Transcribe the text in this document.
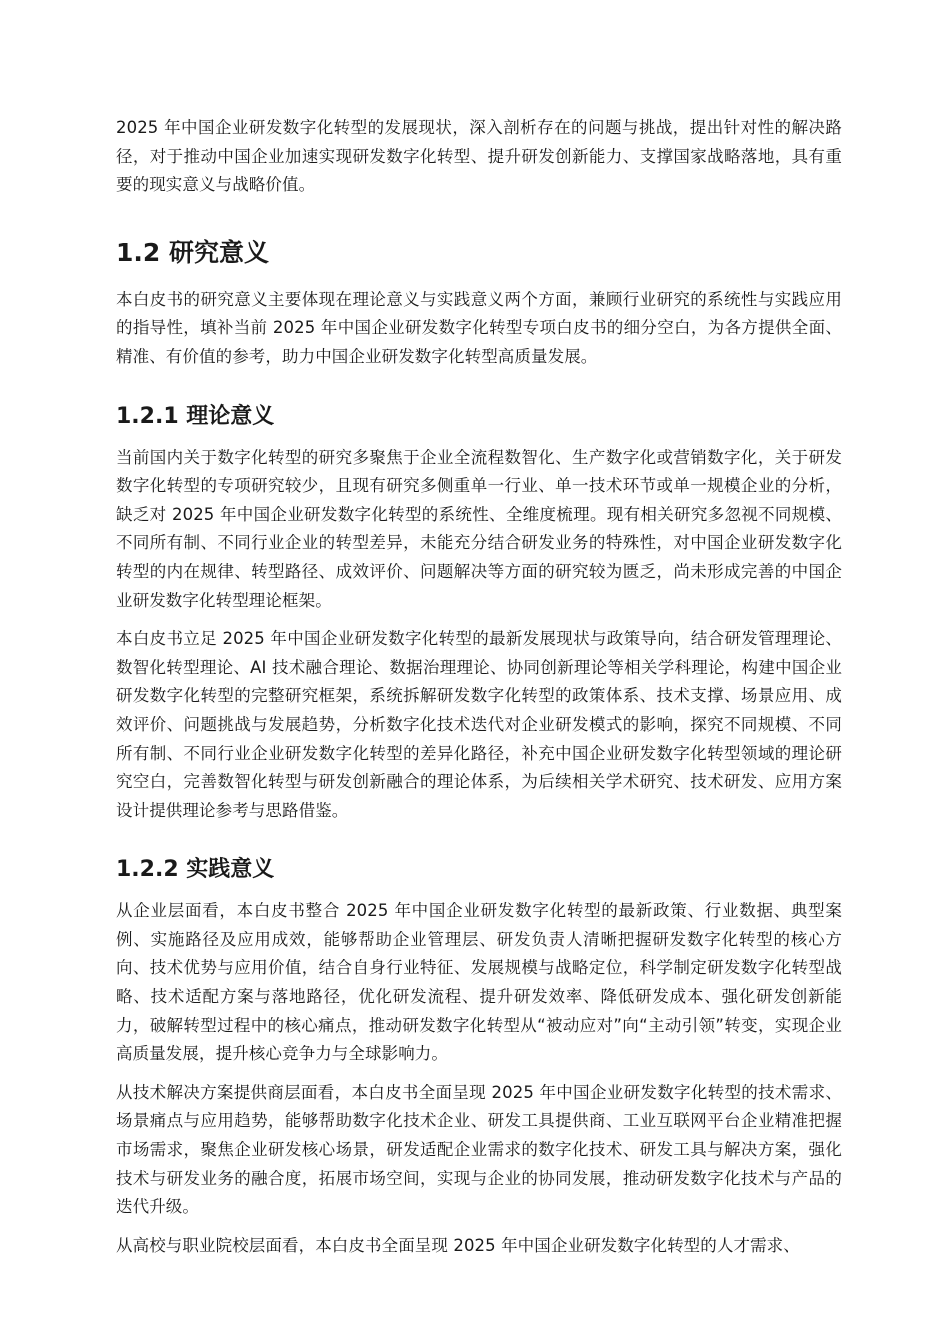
2025 年中国企业研发数字化转型的发展现状，深入剖析存在的问题与挑战，提出针对性的解决路径，对于推动中国企业加速实现研发数字化转型、提升研发创新能力、支撑国家战略落地，具有重要的现实意义与战略价值。

1.2 研究意义

本白皮书的研究意义主要体现在理论意义与实践意义两个方面，兼顾行业研究的系统性与实践应用的指导性，填补当前 2025 年中国企业研发数字化转型专项白皮书的细分空白，为各方提供全面、精准、有价值的参考，助力中国企业研发数字化转型高质量发展。

1.2.1 理论意义

当前国内关于数字化转型的研究多聚焦于企业全流程数智化、生产数字化或营销数字化，关于研发数字化转型的专项研究较少，且现有研究多侧重单一行业、单一技术环节或单一规模企业的分析，缺乏对 2025 年中国企业研发数字化转型的系统性、全维度梳理。现有相关研究多忽视不同规模、不同所有制、不同行业企业的转型差异，未能充分结合研发业务的特殊性，对中国企业研发数字化转型的内在规律、转型路径、成效评价、问题解决等方面的研究较为匮乏，尚未形成完善的中国企业研发数字化转型理论框架。

本白皮书立足 2025 年中国企业研发数字化转型的最新发展现状与政策导向，结合研发管理理论、数智化转型理论、AI 技术融合理论、数据治理理论、协同创新理论等相关学科理论，构建中国企业研发数字化转型的完整研究框架，系统拆解研发数字化转型的政策体系、技术支撑、场景应用、成效评价、问题挑战与发展趋势，分析数字化技术迭代对企业研发模式的影响，探究不同规模、不同所有制、不同行业企业研发数字化转型的差异化路径，补充中国企业研发数字化转型领域的理论研究空白，完善数智化转型与研发创新融合的理论体系，为后续相关学术研究、技术研发、应用方案设计提供理论参考与思路借鉴。

1.2.2 实践意义

从企业层面看，本白皮书整合 2025 年中国企业研发数字化转型的最新政策、行业数据、典型案例、实施路径及应用成效，能够帮助企业管理层、研发负责人清晰把握研发数字化转型的核心方向、技术优势与应用价值，结合自身行业特征、发展规模与战略定位，科学制定研发数字化转型战略、技术适配方案与落地路径，优化研发流程、提升研发效率、降低研发成本、强化研发创新能力，破解转型过程中的核心痛点，推动研发数字化转型从“被动应对”向“主动引领”转变，实现企业高质量发展，提升核心竞争力与全球影响力。

从技术解决方案提供商层面看，本白皮书全面呈现 2025 年中国企业研发数字化转型的技术需求、场景痛点与应用趋势，能够帮助数字化技术企业、研发工具提供商、工业互联网平台企业精准把握市场需求，聚焦企业研发核心场景，研发适配企业需求的数字化技术、研发工具与解决方案，强化技术与研发业务的融合度，拓展市场空间，实现与企业的协同发展，推动研发数字化技术与产品的迭代升级。

从高校与职业院校层面看，本白皮书全面呈现 2025 年中国企业研发数字化转型的人才需求、
